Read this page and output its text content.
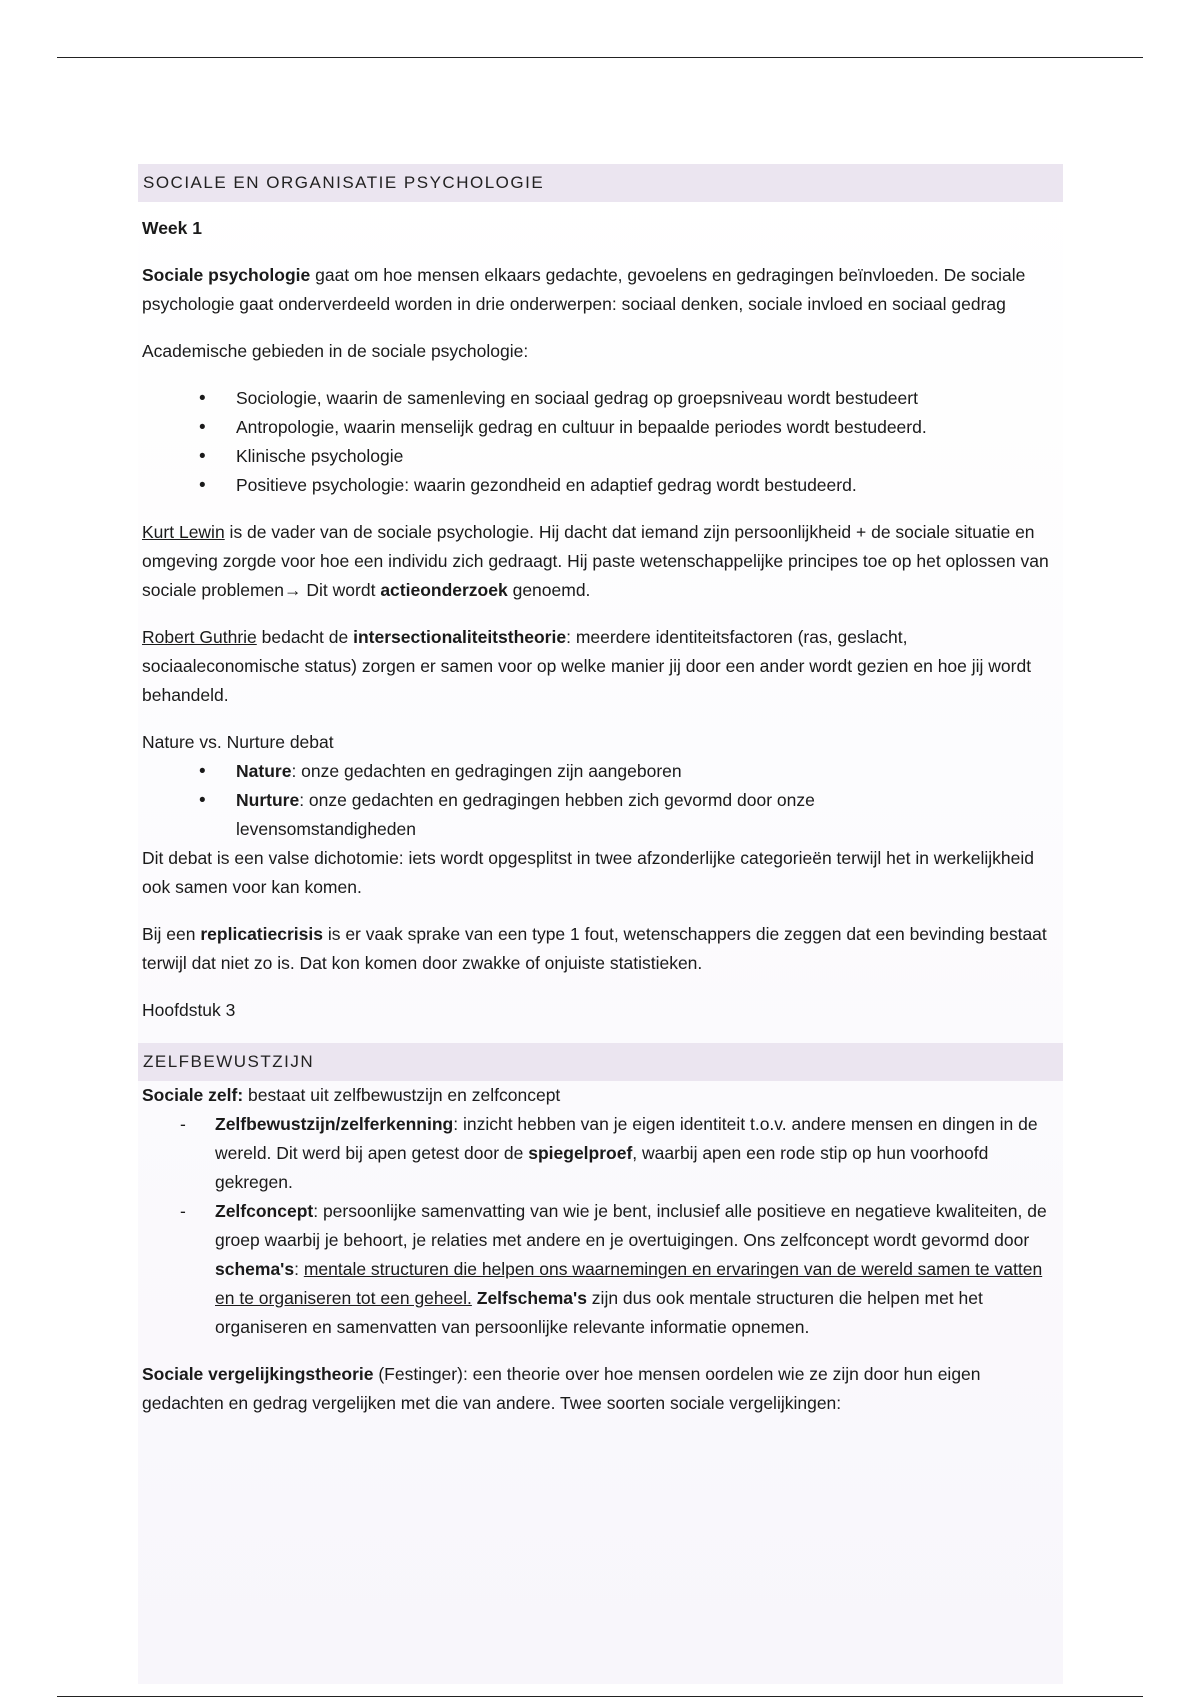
SOCIALE EN ORGANISATIE PSYCHOLOGIE

Week 1

Sociale psychologie gaat om hoe mensen elkaars gedachte, gevoelens en gedragingen beïnvloeden. De sociale psychologie gaat onderverdeeld worden in drie onderwerpen: sociaal denken, sociale invloed en sociaal gedrag

Academische gebieden in de sociale psychologie:

• Sociologie, waarin de samenleving en sociaal gedrag op groepsniveau wordt bestudeert
• Antropologie, waarin menselijk gedrag en cultuur in bepaalde periodes wordt bestudeerd.
• Klinische psychologie
• Positieve psychologie: waarin gezondheid en adaptief gedrag wordt bestudeerd.

Kurt Lewin is de vader van de sociale psychologie. Hij dacht dat iemand zijn persoonlijkheid + de sociale situatie en omgeving zorgde voor hoe een individu zich gedraagt. Hij paste wetenschappelijke principes toe op het oplossen van sociale problemen→ Dit wordt actieonderzoek genoemd.

Robert Guthrie bedacht de intersectionaliteitstheorie: meerdere identiteitsfactoren (ras, geslacht, sociaaleconomische status) zorgen er samen voor op welke manier jij door een ander wordt gezien en hoe jij wordt behandeld.

Nature vs. Nurture debat

• Nature: onze gedachten en gedragingen zijn aangeboren
• Nurture: onze gedachten en gedragingen hebben zich gevormd door onze levensomstandigheden

Dit debat is een valse dichotomie: iets wordt opgesplitst in twee afzonderlijke categorieën terwijl het in werkelijkheid ook samen voor kan komen.

Bij een replicatiecrisis is er vaak sprake van een type 1 fout, wetenschappers die zeggen dat een bevinding bestaat terwijl dat niet zo is. Dat kon komen door zwakke of onjuiste statistieken.

Hoofdstuk 3

ZELFBEWUSTZIJN

Sociale zelf: bestaat uit zelfbewustzijn en zelfconcept

- Zelfbewustzijn/zelferkenning: inzicht hebben van je eigen identiteit t.o.v. andere mensen en dingen in de wereld. Dit werd bij apen getest door de spiegelproef, waarbij apen een rode stip op hun voorhoofd gekregen.
- Zelfconcept: persoonlijke samenvatting van wie je bent, inclusief alle positieve en negatieve kwaliteiten, de groep waarbij je behoort, je relaties met andere en je overtuigingen. Ons zelfconcept wordt gevormd door schema's: mentale structuren die helpen ons waarnemingen en ervaringen van de wereld samen te vatten en te organiseren tot een geheel. Zelfschema's zijn dus ook mentale structuren die helpen met het organiseren en samenvatten van persoonlijke relevante informatie opnemen.

Sociale vergelijkingstheorie (Festinger): een theorie over hoe mensen oordelen wie ze zijn door hun eigen gedachten en gedrag vergelijken met die van andere. Twee soorten sociale vergelijkingen:
